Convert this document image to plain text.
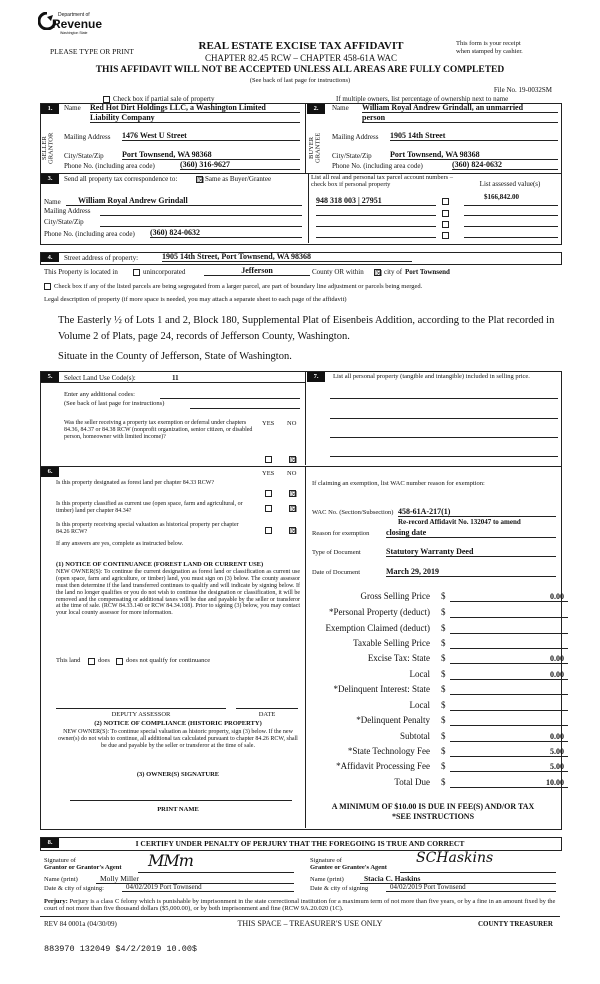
Department of
Revenue
Washington State
PLEASE TYPE OR PRINT	REAL ESTATE EXCISE TAX AFFIDAVIT
CHAPTER 82.45 RCW – CHAPTER 458-61A WAC
This form is your receipt
when stamped by cashier.
THIS AFFIDAVIT WILL NOT BE ACCEPTED UNLESS ALL AREAS ARE FULLY COMPLETED
(See back of last page for instructions)
File No. 19-0032SM
Check box if partial sale of property	If multiple owners, list percentage of ownership next to name
1.
SELLER GRANTOR
Name Red Hot Dirt Holdings LLC, a Washington Limited
Liability Company
Mailing Address 1476 West U Street
City/State/Zip Port Townsend, WA 98368
Phone No. (including area code)	(360) 316-9627
2.
BUYER GRANTEE
Name William Royal Andrew Grindall, an unmarried
person
Mailing Address 1905 14th Street
City/State/Zip Port Townsend, WA 98368
Phone No. (including area code)	(360) 824-0632
3.	Send all property tax correspondence to: ☒ Same as Buyer/Grantee	List all real and personal tax parcel account numbers – check box if personal property	List assessed value(s)
Name	William Royal Andrew Grindall
Mailing Address
City/State/Zip
Phone No. (including area code) (360) 824-0632
948 318 003 | 27951	$166,842.00
4.	Street address of property:	1905 14th Street, Port Townsend, WA 98368
This Property is located in	unincorporated	Jefferson	County OR within ☒ city of Port Townsend
Check box if any of the listed parcels are being segregated from a larger parcel, are part of boundary line adjustment or parcels being merged.
Legal description of property (if more space is needed, you may attach a separate sheet to each page of the affidavit)
The Easterly ½ of Lots 1 and 2, Block 180, Supplemental Plat of Eisenbeis Addition, according to the Plat recorded in Volume 2 of Plats, page 24, records of Jefferson County, Washington.
Situate in the County of Jefferson, State of Washington.
5.	Select Land Use Code(s):	11
Enter any additional codes:
(See back of last page for instructions)
YES NO
Was the seller receiving a property tax exemption or deferral under chapters 84.36, 84.37 or 84.38 RCW (nonprofit organization, senior citizen, or disabled person, homeowner with limited income)?
☒
7.	List all personal property (tangible and intangible) included in selling price.
6.	YES NO
Is this property designated as forest land per chapter 84.33 RCW?
☒
Is this property classified as current use (open space, farm and agricultural, or timber) land per chapter 84.34?	☒
Is this property receiving special valuation as historical property per chapter 84.26 RCW?	☒
If any answers are yes, complete as instructed below.
(1) NOTICE OF CONTINUANCE (FOREST LAND OR CURRENT USE)
NEW OWNER(S): To continue the current designation as forest land or classification as current use (open space, farm and agriculture, or timber) land, you must sign on (3) below. The county assessor must then determine if the land transferred continues to qualify and will indicate by signing below. If the land no longer qualifies or you do not wish to continue the designation or classification, it will be removed and the compensating or additional taxes will be due and payable by the seller or transferor at the time of sale. (RCW 84.33.140 or RCW 84.34.108). Prior to signing (3) below, you may contact your local county assessor for more information.
This land	does does not qualify for continuance
DEPUTY ASSESSOR	DATE
(2) NOTICE OF COMPLIANCE (HISTORIC PROPERTY)
NEW OWNER(S): To continue special valuation as historic property, sign (3) below. If the new owner(s) do not wish to continue, all additional tax calculated pursuant to chapter 84.26 RCW, shall be due and payable by the seller or transferor at the time of sale.
(3) OWNER(S) SIGNATURE
PRINT NAME
If claiming an exemption, list WAC number reason for exemption:
WAC No. (Section/Subsection) 458-61A-217(1)
Re-record Affidavit No. 132047 to amend
Reason for exemption closing date
Type of Document	Statutory Warranty Deed
Date of Document	March 29, 2019
Gross Selling Price $	0.00
*Personal Property (deduct) $
Exemption Claimed (deduct) $
Taxable Selling Price $
Excise Tax: State $	0.00
Local $	0.00
*Delinquent Interest: State $
Local $
*Delinquent Penalty $
Subtotal $	0.00
*State Technology Fee $	5.00
*Affidavit Processing Fee $	5.00
Total Due $	10.00
A MINIMUM OF $10.00 IS DUE IN FEE(S) AND/OR TAX
*SEE INSTRUCTIONS
8.	I CERTIFY UNDER PENALTY OF PERJURY THAT THE FOREGOING IS TRUE AND CORRECT
Signature of
Grantor or Grantor's Agent MMm
Name (print)	Molly Miller
Date & city of signing:	04/02/2019 Port Townsend
Signature of
Grantee or Grantee's Agent
SCHaskins
Name (print)	Stacia C. Haskins
Date & city of signing	04/02/2019 Port Townsend
Perjury: Perjury is a class C felony which is punishable by imprisonment in the state correctional institution for a maximum term of not more than five years, or by a fine in an amount fixed by the court of not more than five thousand dollars ($5,000.00), or by both imprisonment and fine (RCW 9A.20.020 (1C).
REV 84 0001a (04/30/09)	THIS SPACE – TREASURER'S USE ONLY	COUNTY TREASURER
883970 132049 $4/2/2019 10.00$
